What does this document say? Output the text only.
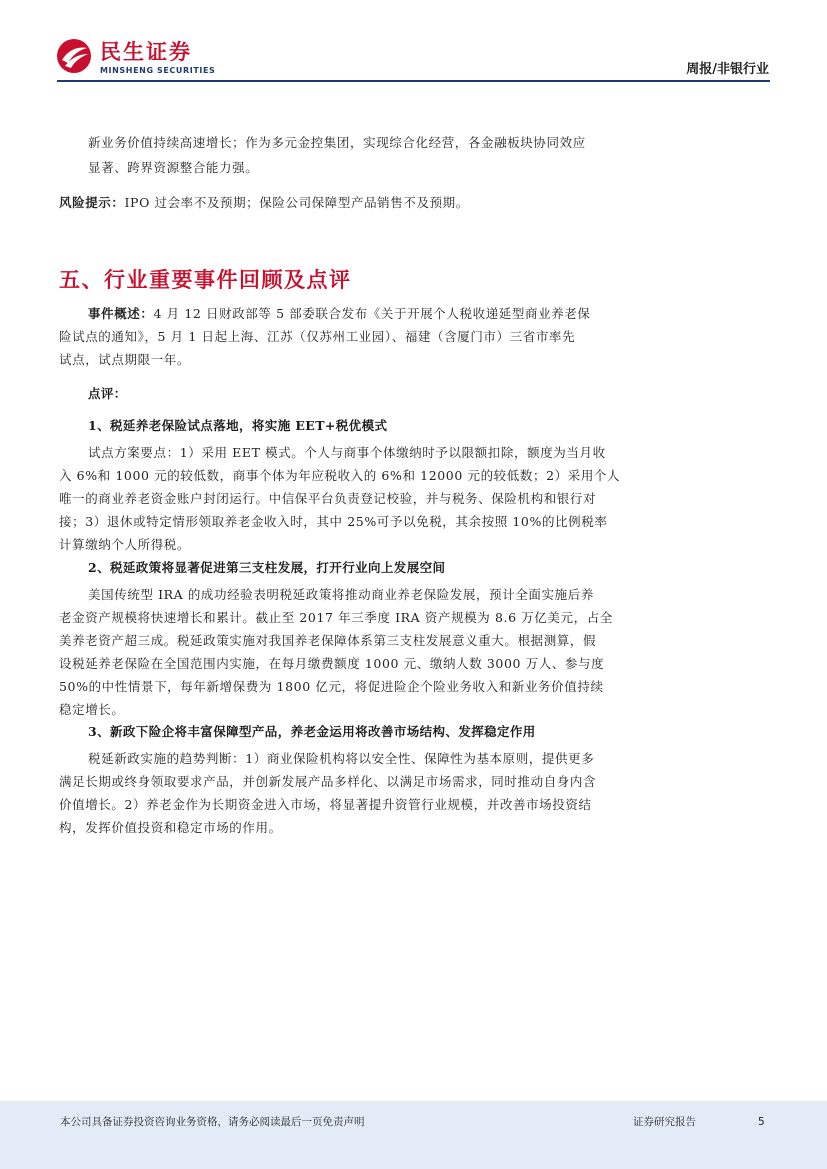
民生证券
MINSHENG SECURITIES	周报/非银行业
新业务价值持续高速增长；作为多元金控集团，实现综合化经营，各金融板块协同效应
显著、跨界资源整合能力强。
风险提示：IPO 过会率不及预期；保险公司保障型产品销售不及预期。
五、行业重要事件回顾及点评
事件概述：4 月 12 日财政部等 5 部委联合发布《关于开展个人税收递延型商业养老保
险试点的通知》，5 月 1 日起上海、江苏（仅苏州工业园）、福建（含厦门市）三省市率先
试点，试点期限一年。
点评：
1、税延养老保险试点落地，将实施 EET+税优模式
试点方案要点：1）采用 EET 模式。个人与商事个体缴纳时予以限额扣除，额度为当月收
入 6%和 1000 元的较低数，商事个体为年应税收入的 6%和 12000 元的较低数；2）采用个人
唯一的商业养老资金账户封闭运行。中信保平台负责登记校验，并与税务、保险机构和银行对
接；3）退休或特定情形领取养老金收入时，其中 25%可予以免税，其余按照 10%的比例税率
计算缴纳个人所得税。
2、税延政策将显著促进第三支柱发展，打开行业向上发展空间
美国传统型 IRA 的成功经验表明税延政策将推动商业养老保险发展，预计全面实施后养
老金资产规模将快速增长和累计。截止至 2017 年三季度 IRA 资产规模为 8.6 万亿美元，占全
美养老资产超三成。税延政策实施对我国养老保障体系第三支柱发展意义重大。根据测算，假
设税延养老保险在全国范围内实施，在每月缴费额度 1000 元、缴纳人数 3000 万人、参与度
50%的中性情景下，每年新增保费为 1800 亿元，将促进险企个险业务收入和新业务价值持续
稳定增长。
3、新政下险企将丰富保障型产品，养老金运用将改善市场结构、发挥稳定作用
税延新政实施的趋势判断：1）商业保险机构将以安全性、保障性为基本原则，提供更多
满足长期或终身领取要求产品，并创新发展产品多样化、以满足市场需求，同时推动自身内含
价值增长。2）养老金作为长期资金进入市场，将显著提升资管行业规模，并改善市场投资结
构，发挥价值投资和稳定市场的作用。
本公司具备证券投资咨询业务资格，请务必阅读最后一页免责声明	证券研究报告	5
